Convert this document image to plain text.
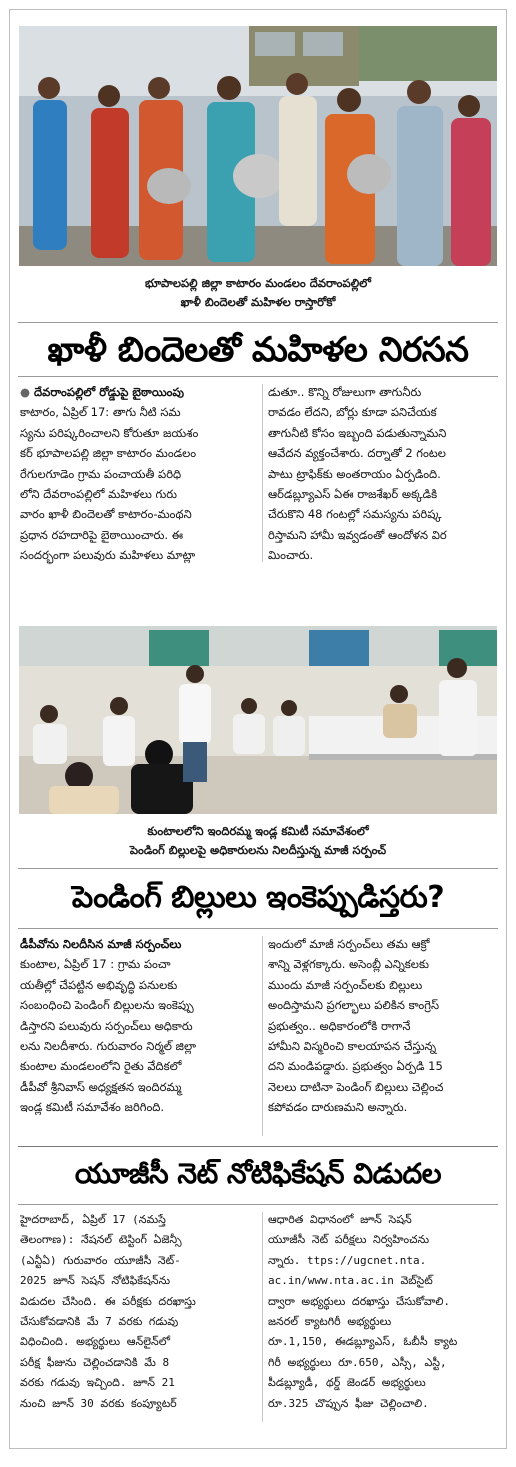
భూపాలపల్లి జిల్లా కాటారం మండలం దేవరాంపల్లిలో
ఖాళీ బిందెలతో మహిళల రాస్తారోకో
ఖాళీ బిందెలతో మహిళల నిరసన
● దేవరాంపల్లిలో రోడ్డుపై బైఠాయింపు
కాటారం, ఏప్రిల్ 17: తాగు నీటి సమ
స్యను పరిష్కరించాలని కోరుతూ జయశం
కర్ భూపాలపల్లి జిల్లా కాటారం మండలం
రేగులగూడెం గ్రామ పంచాయతీ పరిధి
లోని దేవరాంపల్లిలో మహిళలు గురు
వారం ఖాళీ బిందెలతో కాటారం-మంథని
ప్రధాన రహదారిపై బైఠాయించారు. ఈ
సందర్భంగా పలువురు మహిళలు మాట్లా
డుతూ.. కొన్ని రోజులుగా తాగునీరు
రావడం లేదని, బోర్లు కూడా పనిచేయక
తాగునీటి కోసం ఇబ్బంది పడుతున్నామని
ఆవేదన వ్యక్తంచేశారు. దర్నాతో 2 గంటల
పాటు ట్రాఫిక్‌కు అంతరాయం ఏర్పడింది.
ఆర్‌డబ్ల్యూఎస్ ఏఈ రాజశేఖర్ అక్కడికి
చేరుకొని 48 గంటల్లో సమస్యను పరిష్క
రిస్తామని హామీ ఇవ్వడంతో ఆందోళన విర
మించారు.
కుంటాలలోని ఇందిరమ్మ ఇండ్ల కమిటీ సమావేశంలో
పెండింగ్ బిల్లులపై అధికారులను నిలదీస్తున్న మాజీ సర్పంచ్
పెండింగ్ బిల్లులు ఇంకెప్పుడిస్తరు?
డీపీవోను నిలదీసిన మాజీ సర్పంచ్‌లు
కుంటాల, ఏప్రిల్ 17 : గ్రామ పంచా
యతీల్లో చేపట్టిన అభివృద్ధి పనులకు
సంబంధించి పెండింగ్ బిల్లులను ఇంకెప్పు
డిస్తారని పలువురు సర్పంచ్‌లు అధికారు
లను నిలదీశారు. గురువారం నిర్మల్ జిల్లా
కుంటాల మండలంలోని రైతు వేదికలో
డీపీవో శ్రీనివాస్ అధ్యక్షతన ఇందిరమ్మ
ఇండ్ల కమిటీ సమావేశం జరిగింది.
ఇందులో మాజీ సర్పంచ్‌లు తమ ఆక్రో
శాన్ని వెళ్లగక్కారు. అసెంబ్లీ ఎన్నికలకు
ముందు మాజీ సర్పంచ్‌లకు బిల్లులు
అందిస్తామని ప్రగల్భాలు పలికిన కాంగ్రెస్
ప్రభుత్వం.. అధికారంలోకి రాగానే
హామీని విస్మరించి కాలయాపన చేస్తున్న
దని మండిపడ్డారు. ప్రభుత్వం ఏర్పడి 15
నెలలు దాటినా పెండింగ్ బిల్లులు చెల్లించ
కపోవడం దారుణమని అన్నారు.
యూజీసీ నెట్ నోటిఫికేషన్ విడుదల
హైదరాబాద్, ఏప్రిల్ 17 (నమస్తే
తెలంగాణ): నేషనల్ టెస్టింగ్ ఏజెన్సీ
(ఎన్టీఏ) గురువారం యూజీసీ నెట్-
2025 జూన్ సెషన్ నోటిఫికేషన్‌ను
విడుదల చేసింది. ఈ పరీక్షకు దరఖాస్తు
చేసుకోవడానికి మే 7 వరకు గడువు
విధించింది. అభ్యర్థులు ఆన్‌లైన్‌లో
పరీక్ష ఫీజును చెల్లించడానికి మే 8
వరకు గడువు ఇచ్చింది. జూన్ 21
నుంచి జూన్ 30 వరకు కంప్యూటర్
ఆధారిత విధానంలో జూన్ సెషన్
యూజీసీ నెట్ పరీక్షలు నిర్వహించను
న్నారు. ttps://ugcnet.nta.
ac.in/www.nta.ac.in వెబ్‌సైట్
ద్వారా అభ్యర్థులు దరఖాస్తు చేసుకోవాలి.
జనరల్ క్యాటగిరీ అభ్యర్థులు
రూ.1,150, ఈడబ్ల్యూఎస్, ఓబీసీ క్యాట
గిరీ అభ్యర్థులు రూ.650, ఎస్సీ, ఎస్టీ,
పీడబ్ల్యూడీ, థర్డ్ జెండర్ అభ్యర్థులు
రూ.325 చొప్పున ఫీజు చెల్లించాలి.
